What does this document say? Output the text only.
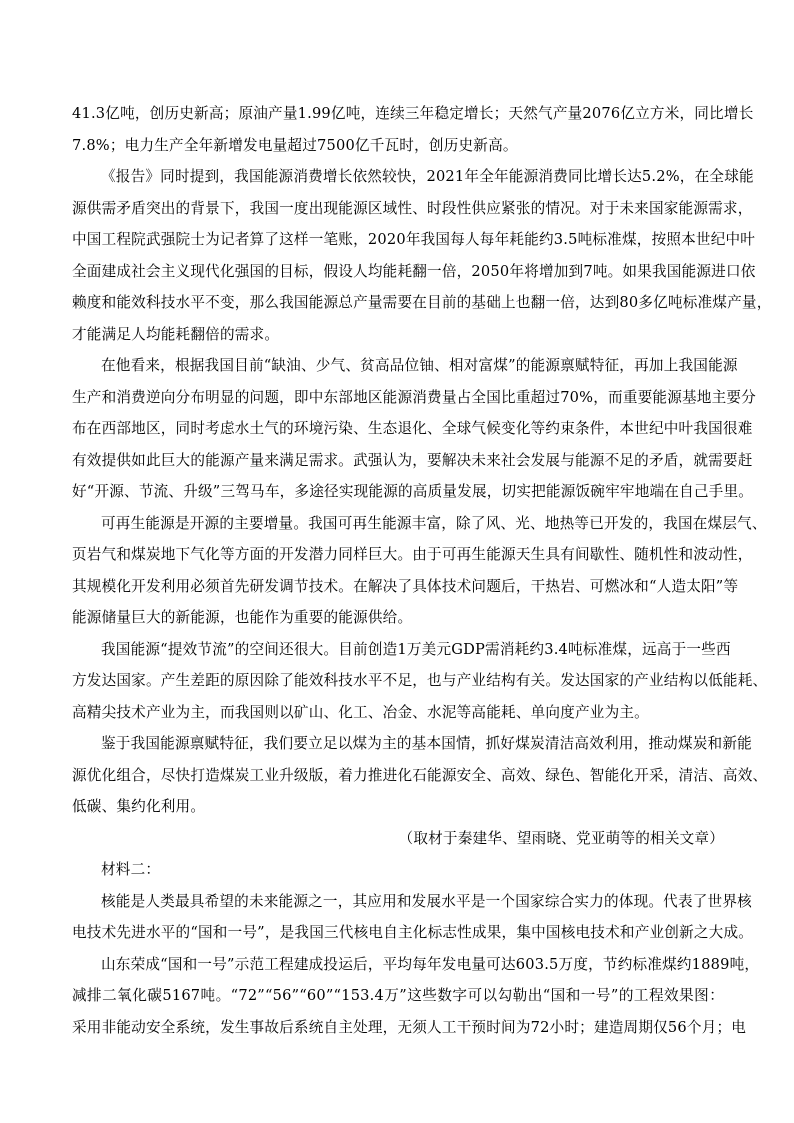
41.3亿吨，创历史新高；原油产量1.99亿吨，连续三年稳定增长；天然气产量2076亿立方米，同比增长
7.8%；电力生产全年新增发电量超过7500亿千瓦时，创历史新高。
《报告》同时提到，我国能源消费增长依然较快，2021年全年能源消费同比增长达5.2%，在全球能
源供需矛盾突出的背景下，我国一度出现能源区域性、时段性供应紧张的情况。对于未来国家能源需求，
中国工程院武强院士为记者算了这样一笔账，2020年我国每人每年耗能约3.5吨标准煤，按照本世纪中叶
全面建成社会主义现代化强国的目标，假设人均能耗翻一倍，2050年将增加到7吨。如果我国能源进口依
赖度和能效科技水平不变，那么我国能源总产量需要在目前的基础上也翻一倍，达到80多亿吨标准煤产量，
才能满足人均能耗翻倍的需求。
在他看来，根据我国目前“缺油、少气、贫高品位铀、相对富煤”的能源禀赋特征，再加上我国能源
生产和消费逆向分布明显的问题，即中东部地区能源消费量占全国比重超过70%，而重要能源基地主要分
布在西部地区，同时考虑水土气的环境污染、生态退化、全球气候变化等约束条件，本世纪中叶我国很难
有效提供如此巨大的能源产量来满足需求。武强认为，要解决未来社会发展与能源不足的矛盾，就需要赶
好“开源、节流、升级”三驾马车，多途径实现能源的高质量发展，切实把能源饭碗牢牢地端在自己手里。
可再生能源是开源的主要增量。我国可再生能源丰富，除了风、光、地热等已开发的，我国在煤层气、
页岩气和煤炭地下气化等方面的开发潜力同样巨大。由于可再生能源天生具有间歇性、随机性和波动性，
其规模化开发利用必须首先研发调节技术。在解决了具体技术问题后，干热岩、可燃冰和“人造太阳”等
能源储量巨大的新能源，也能作为重要的能源供给。
我国能源“提效节流”的空间还很大。目前创造1万美元GDP需消耗约3.4吨标准煤，远高于一些西
方发达国家。产生差距的原因除了能效科技水平不足，也与产业结构有关。发达国家的产业结构以低能耗、
高精尖技术产业为主，而我国则以矿山、化工、冶金、水泥等高能耗、单向度产业为主。
鉴于我国能源禀赋特征，我们要立足以煤为主的基本国情，抓好煤炭清洁高效利用，推动煤炭和新能
源优化组合，尽快打造煤炭工业升级版，着力推进化石能源安全、高效、绿色、智能化开采，清洁、高效、
低碳、集约化利用。
（取材于秦建华、望雨晓、党亚萌等的相关文章）
材料二：
核能是人类最具希望的未来能源之一，其应用和发展水平是一个国家综合实力的体现。代表了世界核
电技术先进水平的“国和一号”，是我国三代核电自主化标志性成果，集中国核电技术和产业创新之大成。
山东荣成“国和一号”示范工程建成投运后，平均每年发电量可达603.5万度，节约标准煤约1889吨，
减排二氧化碳5167吨。“72”“56”“60”“153.4万”这些数字可以勾勒出“国和一号”的工程效果图：
采用非能动安全系统，发生事故后系统自主处理，无须人工干预时间为72小时；建造周期仅56个月；电
